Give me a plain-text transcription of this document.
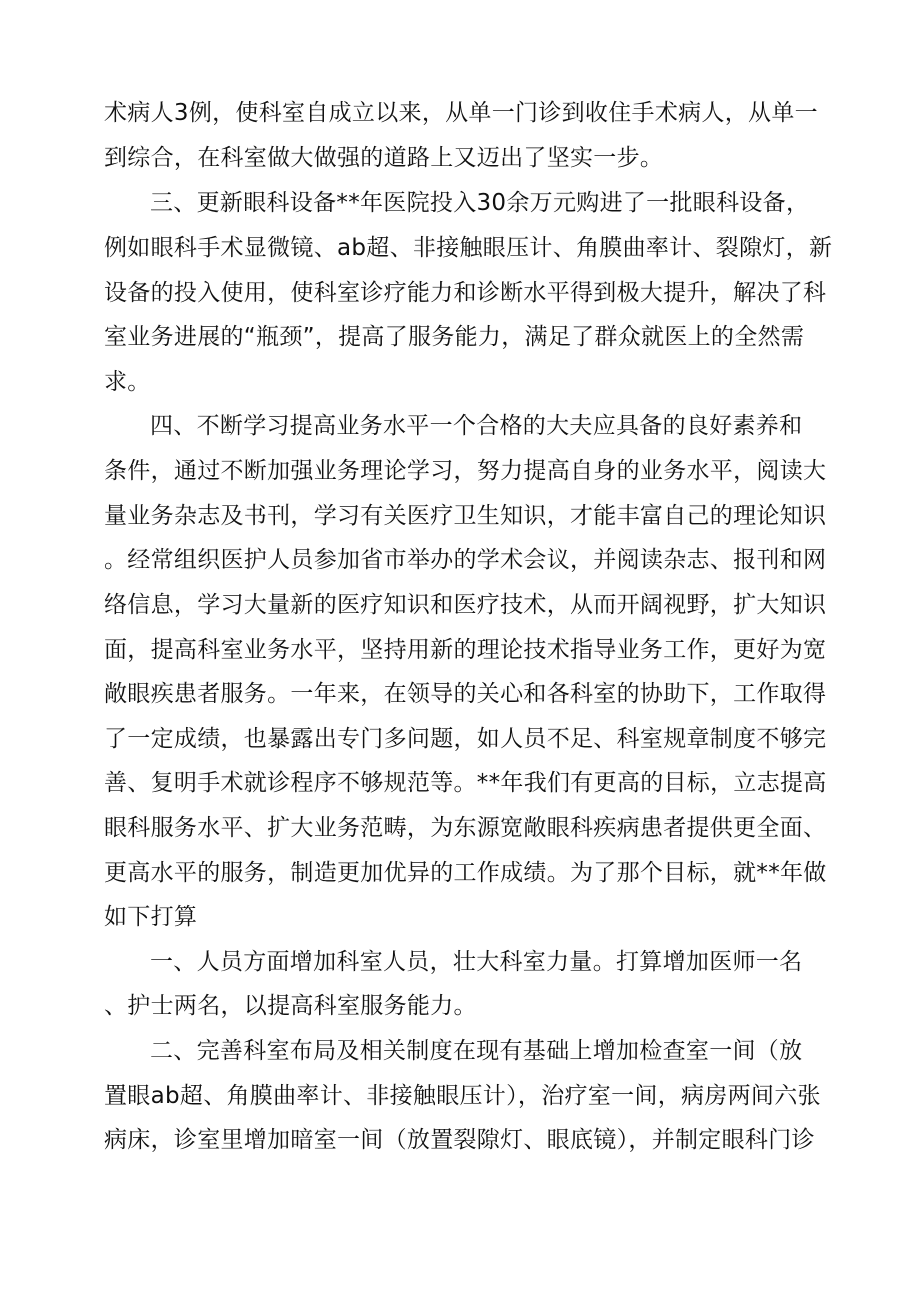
术病人3例，使科室自成立以来，从单一门诊到收住手术病人，从单一
到综合，在科室做大做强的道路上又迈出了坚实一步。
三、更新眼科设备**年医院投入30余万元购进了一批眼科设备，
例如眼科手术显微镜、ab超、非接触眼压计、角膜曲率计、裂隙灯，新
设备的投入使用，使科室诊疗能力和诊断水平得到极大提升，解决了科
室业务进展的“瓶颈”，提高了服务能力，满足了群众就医上的全然需
求。
四、不断学习提高业务水平一个合格的大夫应具备的良好素养和
条件，通过不断加强业务理论学习，努力提高自身的业务水平，阅读大
量业务杂志及书刊，学习有关医疗卫生知识，才能丰富自己的理论知识
。经常组织医护人员参加省市举办的学术会议，并阅读杂志、报刊和网
络信息，学习大量新的医疗知识和医疗技术，从而开阔视野，扩大知识
面，提高科室业务水平，坚持用新的理论技术指导业务工作，更好为宽
敞眼疾患者服务。一年来，在领导的关心和各科室的协助下，工作取得
了一定成绩，也暴露出专门多问题，如人员不足、科室规章制度不够完
善、复明手术就诊程序不够规范等。**年我们有更高的目标，立志提高
眼科服务水平、扩大业务范畴，为东源宽敞眼科疾病患者提供更全面、
更高水平的服务，制造更加优异的工作成绩。为了那个目标，就**年做
如下打算
一、人员方面增加科室人员，壮大科室力量。打算增加医师一名
、护士两名，以提高科室服务能力。
二、完善科室布局及相关制度在现有基础上增加检查室一间（放
置眼ab超、角膜曲率计、非接触眼压计），治疗室一间，病房两间六张
病床，诊室里增加暗室一间（放置裂隙灯、眼底镜），并制定眼科门诊
